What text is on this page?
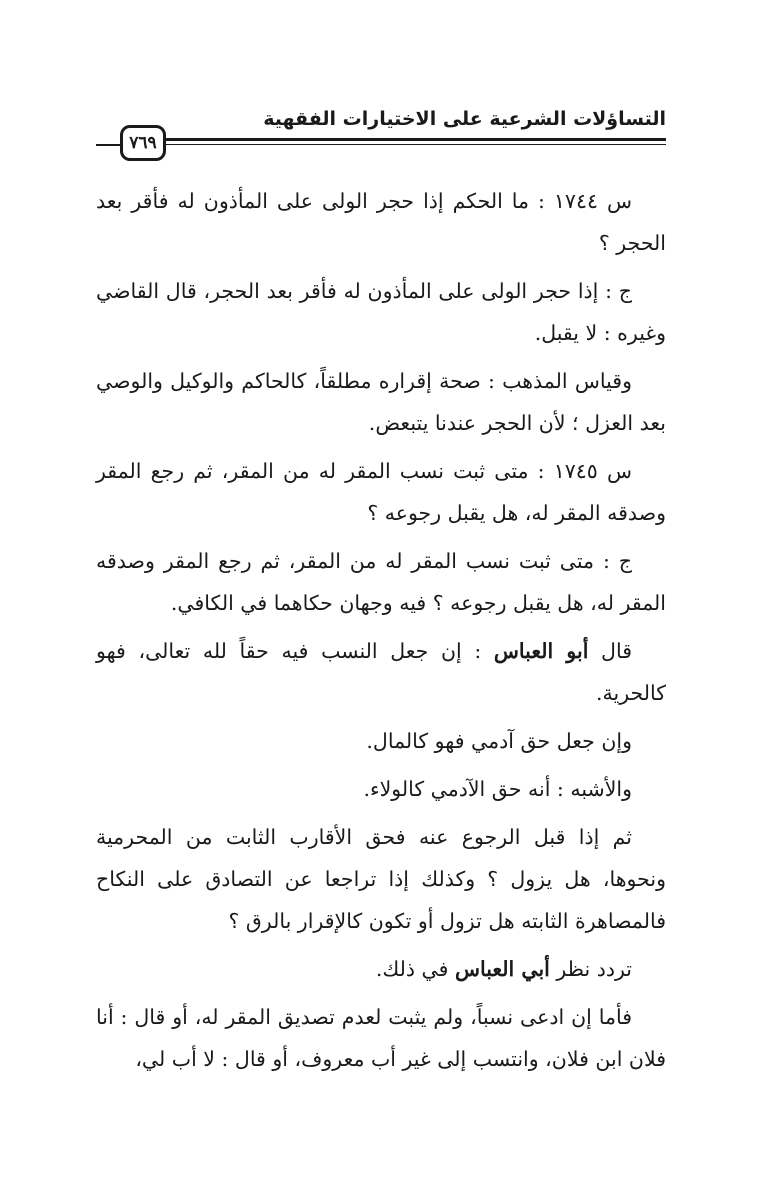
التساؤلات الشرعية على الاختيارات الفقهية
٧٦٩

س ١٧٤٤ : ما الحكم إذا حجر الولى على المأذون له فأقر بعد الحجر ؟

ج : إذا حجر الولى على المأذون له فأقر بعد الحجر، قال القاضي وغيره : لا يقبل.

وقياس المذهب : صحة إقراره مطلقاً، كالحاكم والوكيل والوصي بعد العزل ؛ لأن الحجر عندنا يتبعض.

س ١٧٤٥ : متى ثبت نسب المقر له من المقر، ثم رجع المقر وصدقه المقر له، هل يقبل رجوعه ؟

ج : متى ثبت نسب المقر له من المقر، ثم رجع المقر وصدقه المقر له، هل يقبل رجوعه ؟ فيه وجهان حكاهما في الكافي.

قال أبو العباس : إن جعل النسب فيه حقاً لله تعالى، فهو كالحرية.

وإن جعل حق آدمي فهو كالمال.

والأشبه : أنه حق الآدمي كالولاء.

ثم إذا قبل الرجوع عنه فحق الأقارب الثابت من المحرمية ونحوها، هل يزول ؟ وكذلك إذا تراجعا عن التصادق على النكاح فالمصاهرة الثابته هل تزول أو تكون كالإقرار بالرق ؟

تردد نظر أبي العباس في ذلك.

فأما إن ادعى نسباً، ولم يثبت لعدم تصديق المقر له، أو قال : أنا فلان ابن فلان، وانتسب إلى غير أب معروف، أو قال : لا أب لي،
